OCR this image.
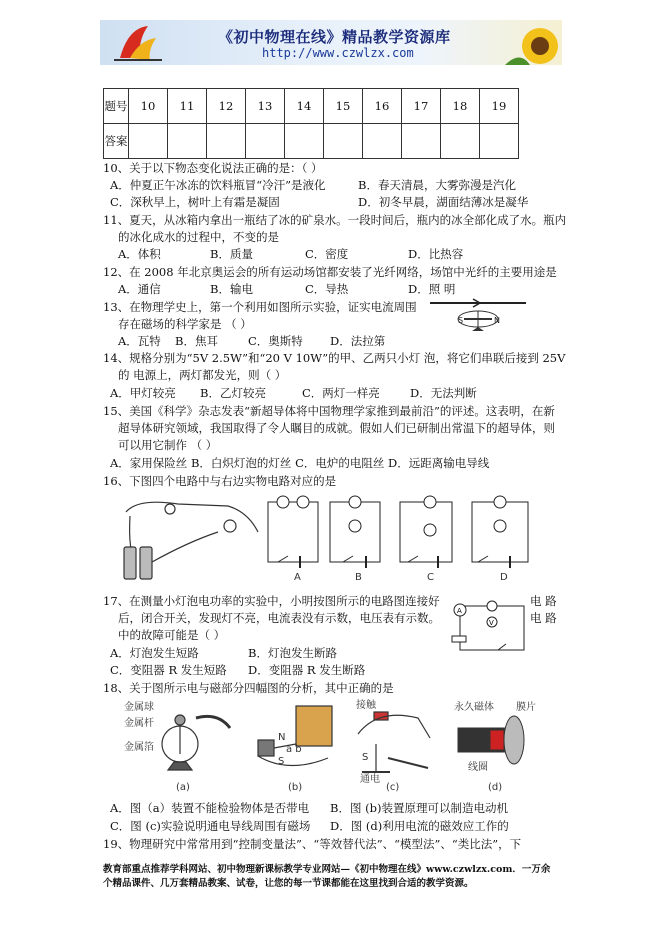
《初中物理在线》精品教学资源库
http://www.czwlzx.com
题号	10	11	12	13	14	15	16	17	18	19
答案										
10、关于以下物态变化说法正确的是：（ ）
A．仲夏正午冰冻的饮料瓶冒“冷汗”是液化	B．春天清晨，大雾弥漫是汽化
C．深秋早上，树叶上有霜是凝固	D．初冬早晨，湖面结薄冰是凝华
11、夏天，从冰箱内拿出一瓶结了冰的矿泉水。一段时间后，瓶内的冰全部化成了水。瓶内
的冰化成水的过程中，不变的是
A．体积	B．质量	C．密度	D．比热容
12、在 2008 年北京奥运会的所有运动场馆都安装了光纤网络，场馆中光纤的主要用途是
A．通信	B．输电	C．导热	D．照 明
13、在物理学史上，第一个利用如图所示实验，证实电流周围
存在磁场的科学家是 （ ）
A．瓦特 B．焦耳	C．奥斯特 D．法拉第
S	N
14、规格分别为“5V 2.5W”和“20 V 10W”的甲、乙两只小灯 泡，将它们串联后接到 25V
的 电源上，两灯都发光，则（ ）
A．甲灯较亮 B．乙灯较亮	C．两灯一样亮	D．无法判断
15、美国《科学》杂志发表“新超导体将中国物理学家推到最前沿”的评述。这表明，在新
超导体研究领域，我国取得了令人瞩目的成就。假如人们已研制出常温下的超导体，则
可以用它制作 （ ）
A．家用保险丝 B．白炽灯泡的灯丝 C．电炉的电阻丝 D．远距离输电导线
16、下图四个电路中与右边实物电路对应的是
A	B	C	D
17、在测量小灯泡电功率的实验中，小明按图所示的电路图连接好
后，闭合开关，发现灯不亮，电流表没有示数，电压表有示数。
中的故障可能是（ ）
电 路
电 路
A．灯泡发生短路	B．灯泡发生断路
C．变阻器 R 发生短路 D．变阻器 R 发生断路
A
V
18、关于图所示电与磁部分四幅图的分析，其中正确的是
金属球
金属杆
金属箔
N
S
a b
接触
S
通电
永久磁体 膜片
线圈
(a)	(b)	(c)	(d)
A．图（a）装置不能检验物体是否带电 B．图 (b)装置原理可以制造电动机
C．图 (c)实验说明通电导线周围有磁场 D．图 (d)利用电流的磁效应工作的
19、物理研究中常常用到“控制变量法”、“等效替代法”、“模型法”、“类比法”，下
教育部重点推荐学科网站、初中物理新课标教学专业网站—《初中物理在线》www.czwlzx.com．一万余
个精品课件、几万套精品教案、试卷，让您的每一节课都能在这里找到合适的教学资源。
